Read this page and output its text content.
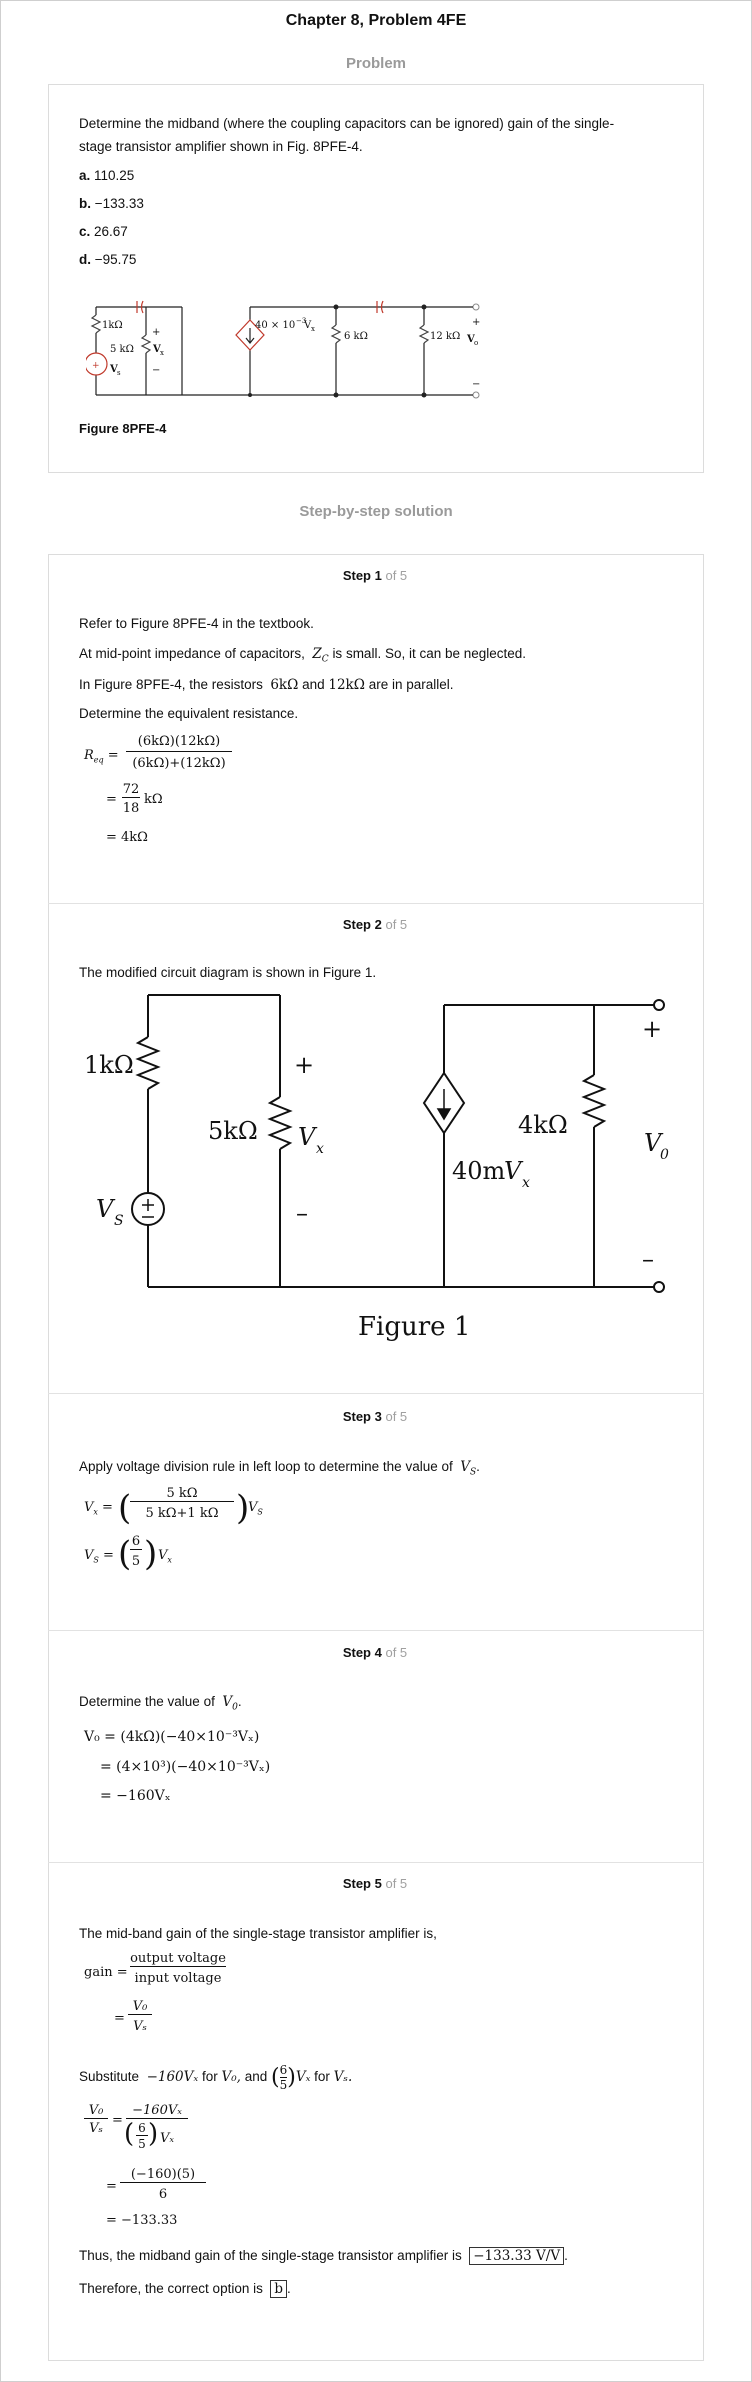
Chapter 8, Problem 4FE
Problem
Determine the midband (where the coupling capacitors can be ignored) gain of the single-
stage transistor amplifier shown in Fig. 8PFE-4.
a. 110.25
b. −133.33
c. 26.67
d. −95.75
+
1kΩ
5 kΩ
+
V x
−
V s
40 × 10 −3
V x
6 kΩ	12 kΩ
+
V o
−
Figure 8PFE-4
Step-by-step solution
Step 1 of 5
Refer to Figure 8PFE-4 in the textbook.
At mid-point impedance of capacitors, $Z_C$ is small. So, it can be neglected.
In Figure 8PFE-4, the resistors 6kΩ and 12kΩ are in parallel.
Determine the equivalent resistance.
$R_{eq}$ =
(6kΩ)(12kΩ)
(6kΩ)+(12kΩ)
=
72
18
kΩ
= 4kΩ
Step 2 of 5
The modified circuit diagram is shown in Figure 1.
1kΩ
5kΩ V x
+
–
V S
4kΩ
40m
V x
+
V
0
–
Figure 1
Step 3 of 5
Apply voltage division rule in left loop to determine the value of $V_S$.
$V_x$ = (	5 kΩ
5 kΩ+1 kΩ )
$V_S$
$V_S$ = ( 6
5 ) $V_x$
Step 4 of 5
Determine the value of $V_0$.
V₀ = (4kΩ)(−40×10⁻³Vₓ)
= (4×10³)(−40×10⁻³Vₓ)
= −160Vₓ
Step 5 of 5
The mid-band gain of the single-stage transistor amplifier is,
gain =
output voltage
input voltage
=
V₀
Vₛ
Substitute −160Vₓ for V₀, and ( $\frac{6}{5} )V_x$ for Vₛ.
V₀
Vₛ
=
−160Vₓ
( 6
5 ) Vₓ
=
(−160)(5)
6
= −133.33
Thus, the midband gain of the single-stage transistor amplifier is −133.33 V/V .
Therefore, the correct option is b .
